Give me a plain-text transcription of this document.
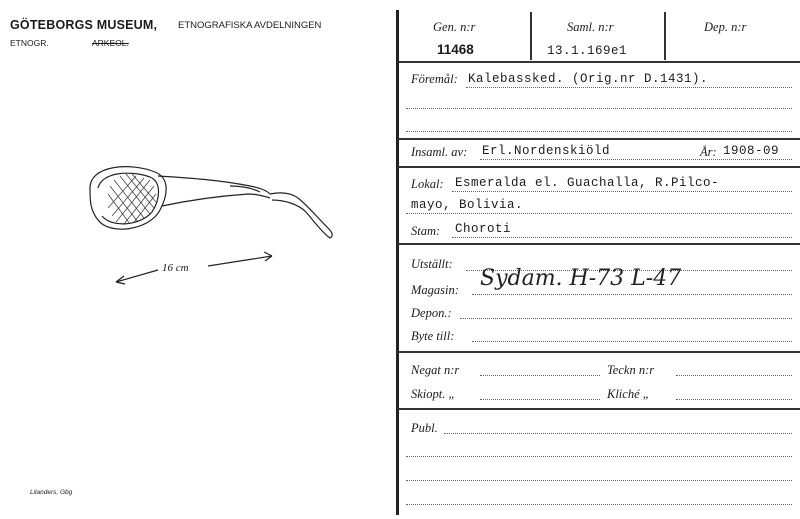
GÖTEBORGS MUSEUM, ETNOGRAFISKA AVDELNINGEN
ETNOGR.	ARKEOL.
16 cm
Lilanders, Gbg
Gen. n:r
11468
Saml. n:r
13.1.169e1
Dep. n:r
Föremål: Kalebassked. (Orig.nr D.1431).
Insaml. av: Erl.Nordenskiöld	År: 1908-09
Lokal: Esmeralda el. Guachalla, R.Pilco-
mayo, Bolivia.
Stam: Choroti
Utställt:
Magasin: Sydam. H-73 L-47
Depon.:
Byte till:
Negat n:r	Teckn n:r
Skiopt. „	Kliché „
Publ.
